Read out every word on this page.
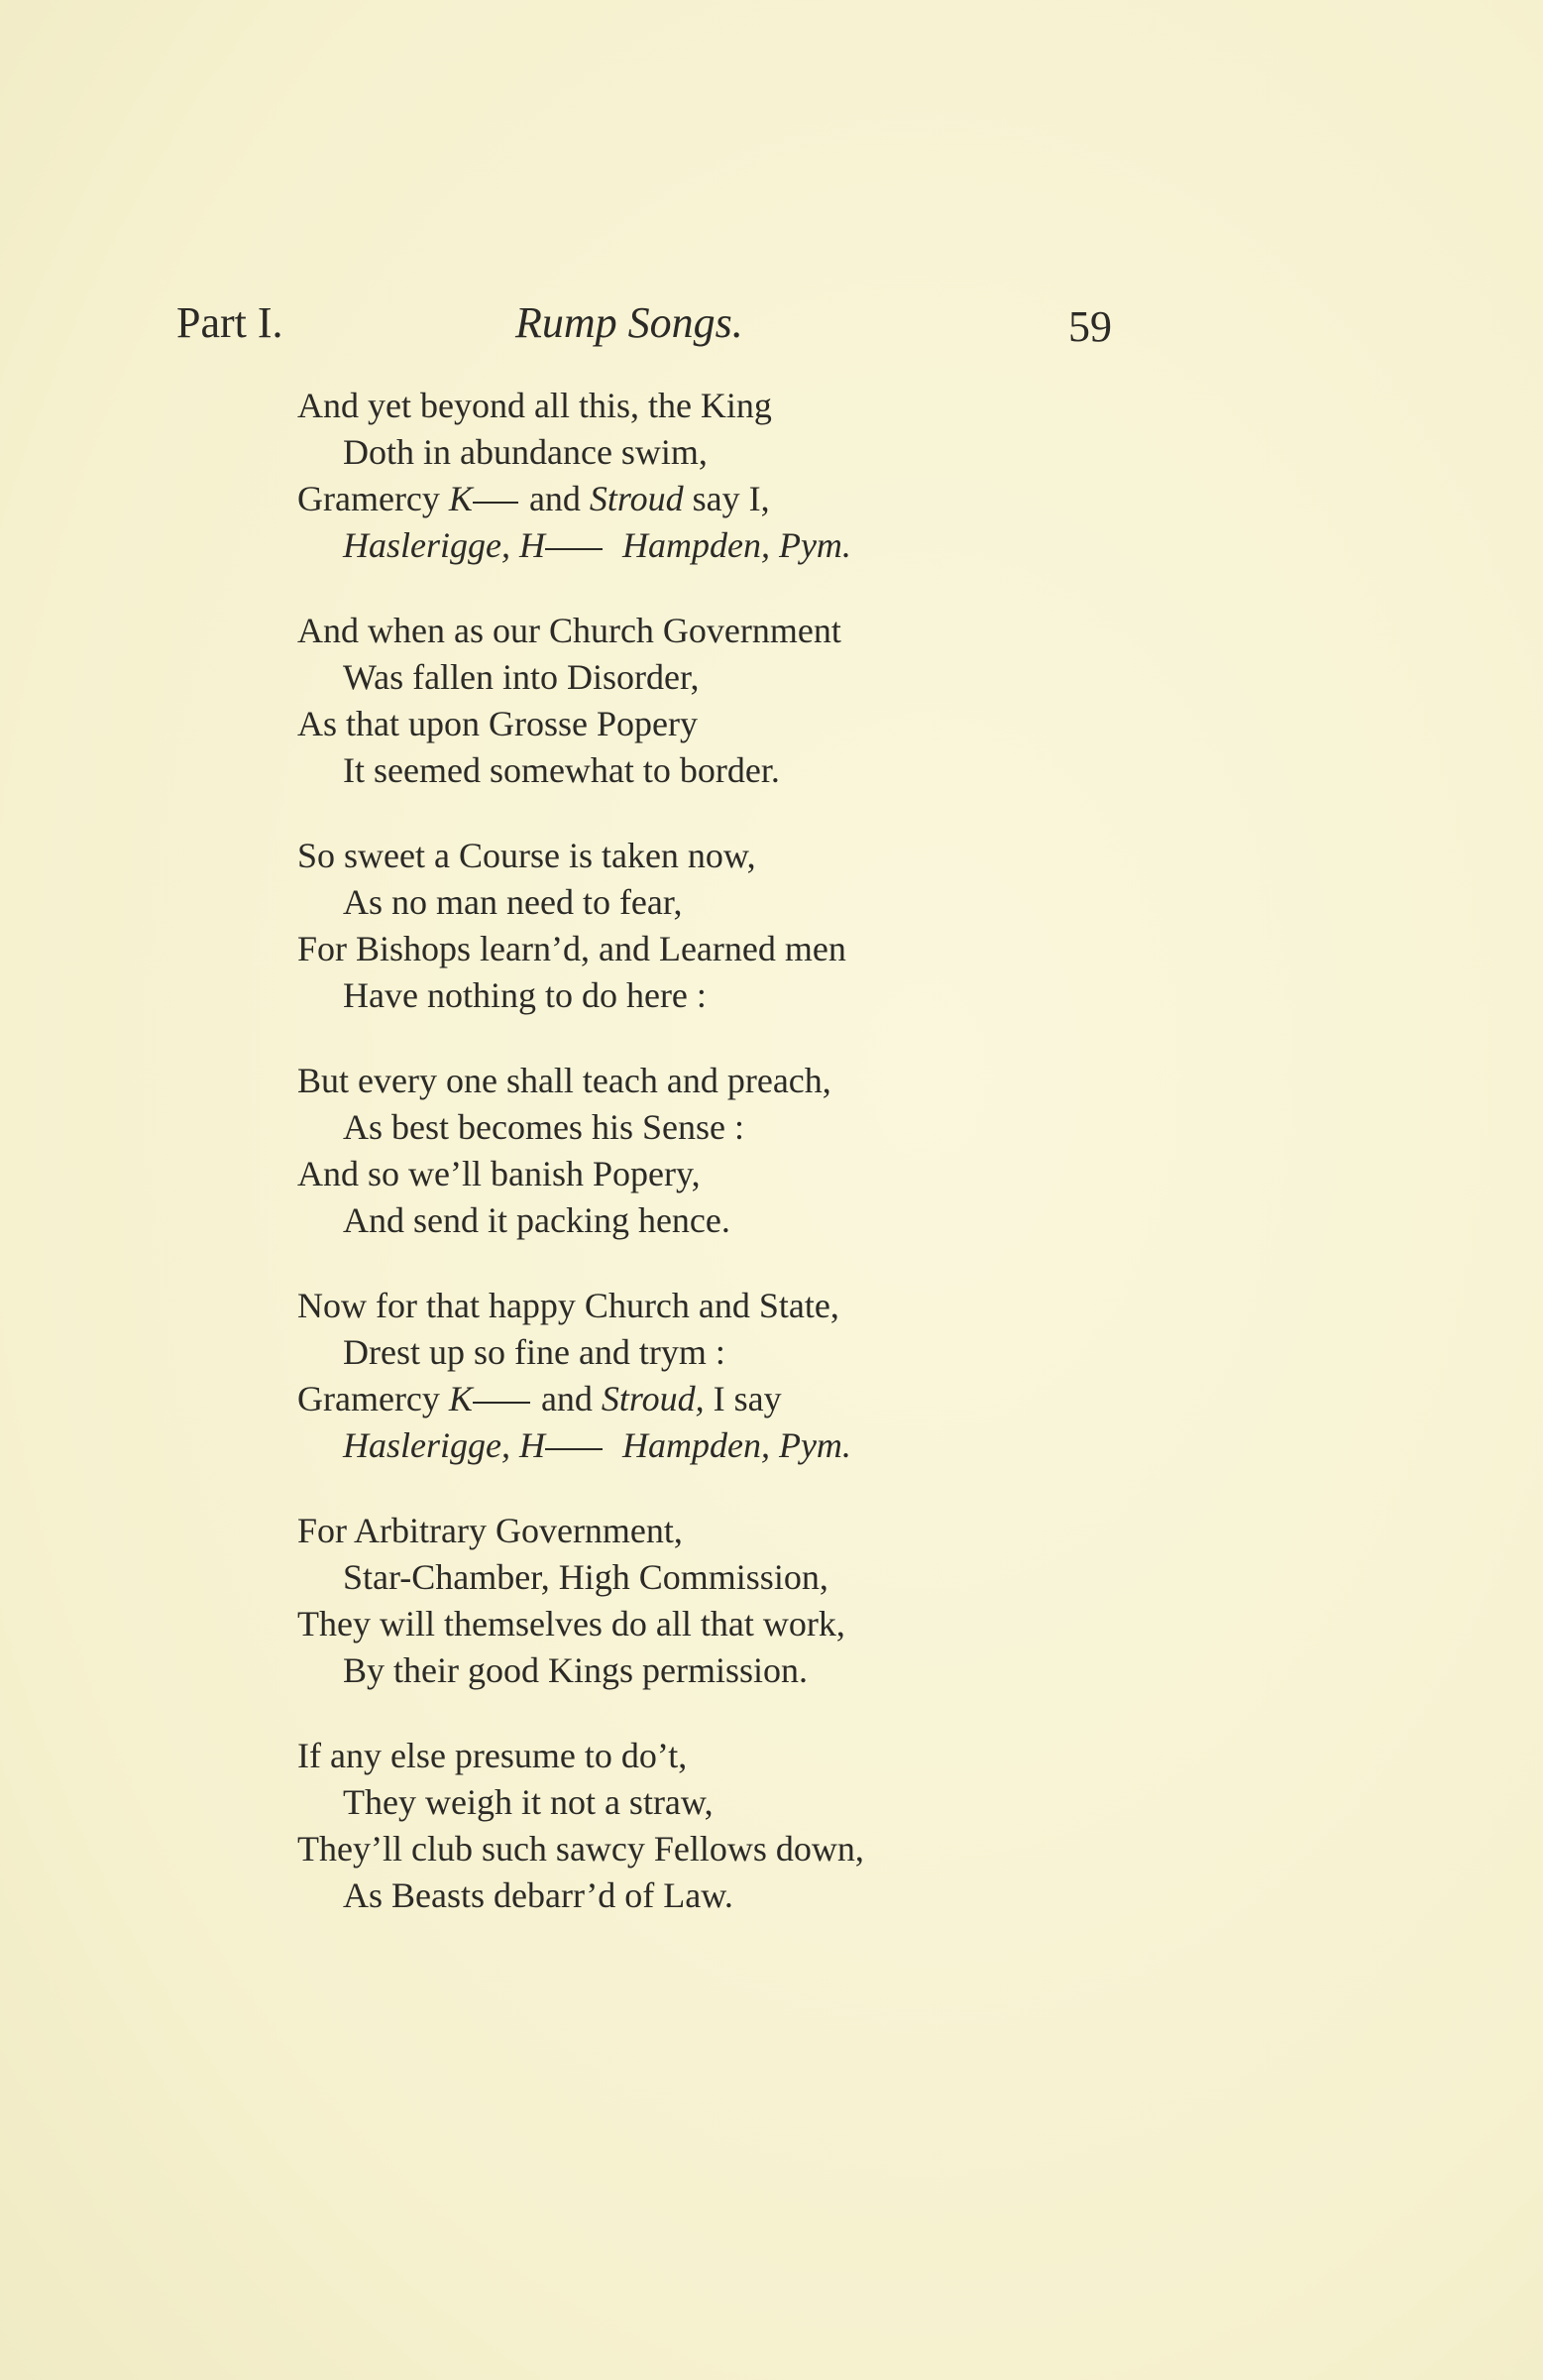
Part I.	Rump Songs.	59
And yet beyond all this, the King
Doth in abundance swim,
Gramercy K and Stroud say I,
Haslerigge, H Hampden, Pym.
And when as our Church Government
Was fallen into Disorder,
As that upon Grosse Popery
It seemed somewhat to border.
So sweet a Course is taken now,
As no man need to fear,
For Bishops learn’d, and Learned men
Have nothing to do here :
But every one shall teach and preach,
As best becomes his Sense :
And so we’ll banish Popery,
And send it packing hence.
Now for that happy Church and State,
Drest up so fine and trym :
Gramercy K and Stroud, I say
Haslerigge, H Hampden, Pym.
For Arbitrary Government,
Star-Chamber, High Commission,
They will themselves do all that work,
By their good Kings permission.
If any else presume to do’t,
They weigh it not a straw,
They’ll club such sawcy Fellows down,
As Beasts debarr’d of Law.
